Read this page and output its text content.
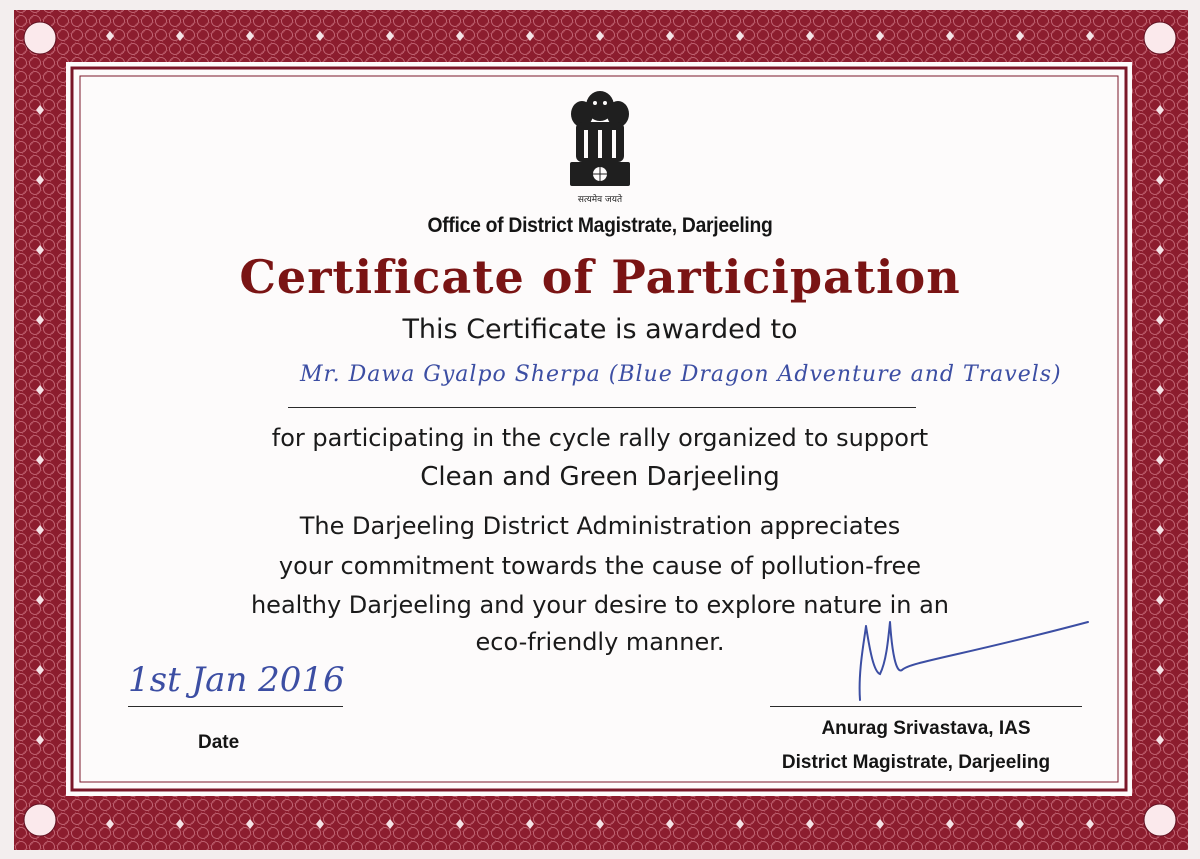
सत्यमेव जयते
Office of District Magistrate, Darjeeling
Certificate of Participation
This Certificate is awarded to
Mr. Dawa Gyalpo Sherpa (Blue Dragon Adventure and Travels)
for participating in the cycle rally organized to support
Clean and Green Darjeeling
The Darjeeling District Administration appreciates
your commitment towards the cause of pollution-free
healthy Darjeeling and your desire to explore nature in an
eco-friendly manner.
1st Jan 2016
Date
Anurag Srivastava, IAS
District Magistrate, Darjeeling
